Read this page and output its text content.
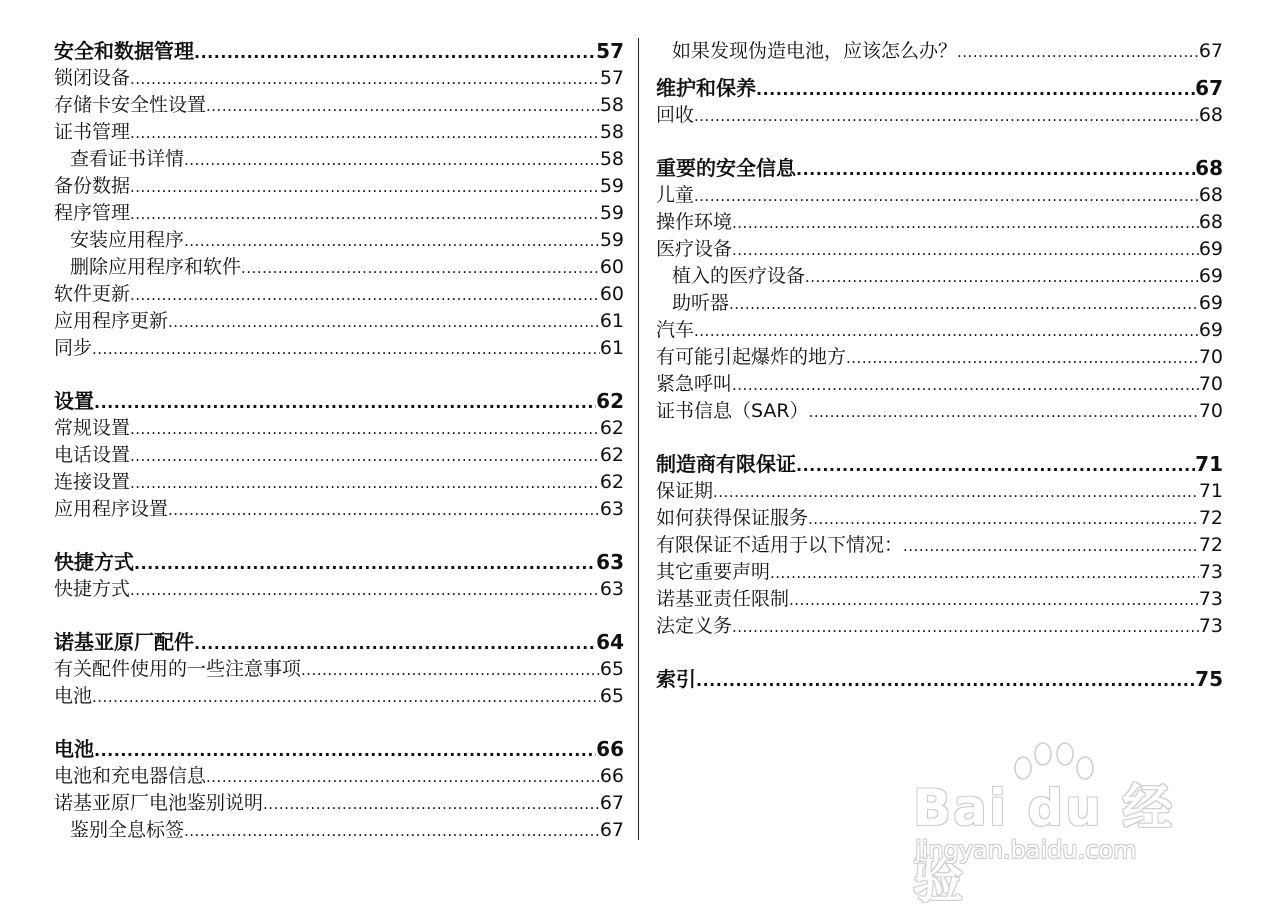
安全和数据管理 .....	57
锁闭设备 .....	57
存储卡安全性设置 .....	58
证书管理 .....	58
查看证书详情 .....	58
备份数据 .....	59
程序管理 .....	59
安装应用程序 .....	59
删除应用程序和软件 .....	60
软件更新 .....	60
应用程序更新 .....	61
同步 .....	61
设置 .....	62
常规设置 .....	62
电话设置 .....	62
连接设置 .....	62
应用程序设置 .....	63
快捷方式 .....	63
快捷方式 .....	63
诺基亚原厂配件 .....	64
有关配件使用的一些注意事项 .....	65
电池 .....	65
电池 .....	66
电池和充电器信息 .....	66
诺基亚原厂电池鉴别说明 .....	67
鉴别全息标签 .....	67
如果发现伪造电池，应该怎么办？ .....	67
维护和保养 .....	67
回收 .....	68
重要的安全信息 .....	68
儿童 .....	68
操作环境 .....	68
医疗设备 .....	69
植入的医疗设备 .....	69
助听器 .....	69
汽车 .....	69
有可能引起爆炸的地方 .....	70
紧急呼叫 .....	70
证书信息（SAR） .....	70
制造商有限保证 .....	71
保证期 .....	71
如何获得保证服务 .....	72
有限保证不适用于以下情况： .....	72
其它重要声明 .....	73
诺基亚责任限制 .....	73
法定义务 .....	73
索引 .....	75
Bai du 经验
jingyan.baidu.com
